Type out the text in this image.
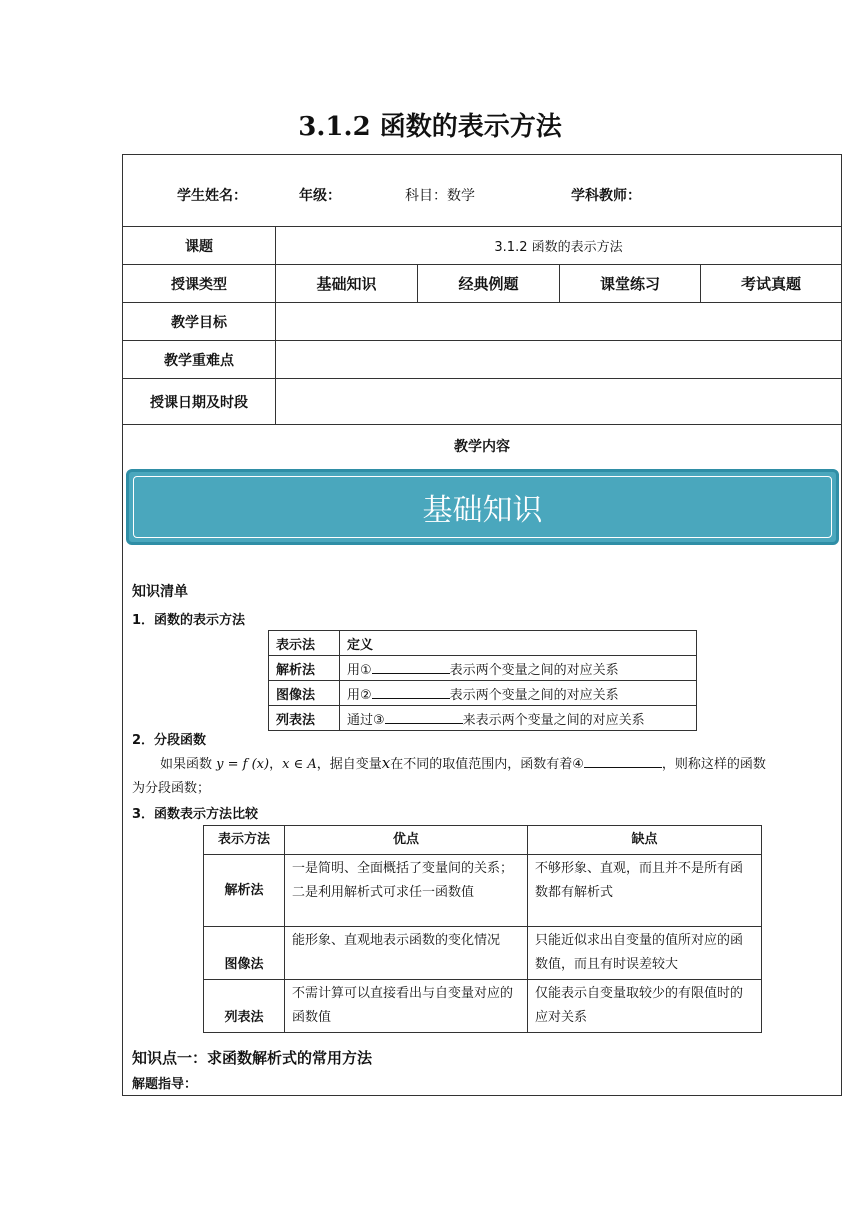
3.1.2 函数的表示方法
学生姓名：	年级：	科目：数学	学科教师：
课题	3.1.2 函数的表示方法
授课类型	基础知识	经典例题	课堂练习	考试真题
教学目标
教学重难点
授课日期及时段
教学内容
基础知识
知识清单
1．函数的表示方法
表示法	定义
解析法	用① 表示两个变量之间的对应关系
图像法	用② 表示两个变量之间的对应关系
列表法	通过③ 来表示两个变量之间的对应关系
2．分段函数
如果函数 y = f (x)，x ∈ A，据自变量x在不同的取值范围内，函数有着④	，则称这样的函数
为分段函数；
3．函数表示方法比较
表示方法	优点	缺点
解析法	一是简明、全面概括了变量间的关系；二是利用解析式可求任一函数值	不够形象、直观，而且并不是所有函数都有解析式
图像法	能形象、直观地表示函数的变化情况	只能近似求出自变量的值所对应的函数值，而且有时误差较大
列表法	不需计算可以直接看出与自变量对应的函数值	仅能表示自变量取较少的有限值时的应对关系
知识点一：求函数解析式的常用方法
解题指导：
